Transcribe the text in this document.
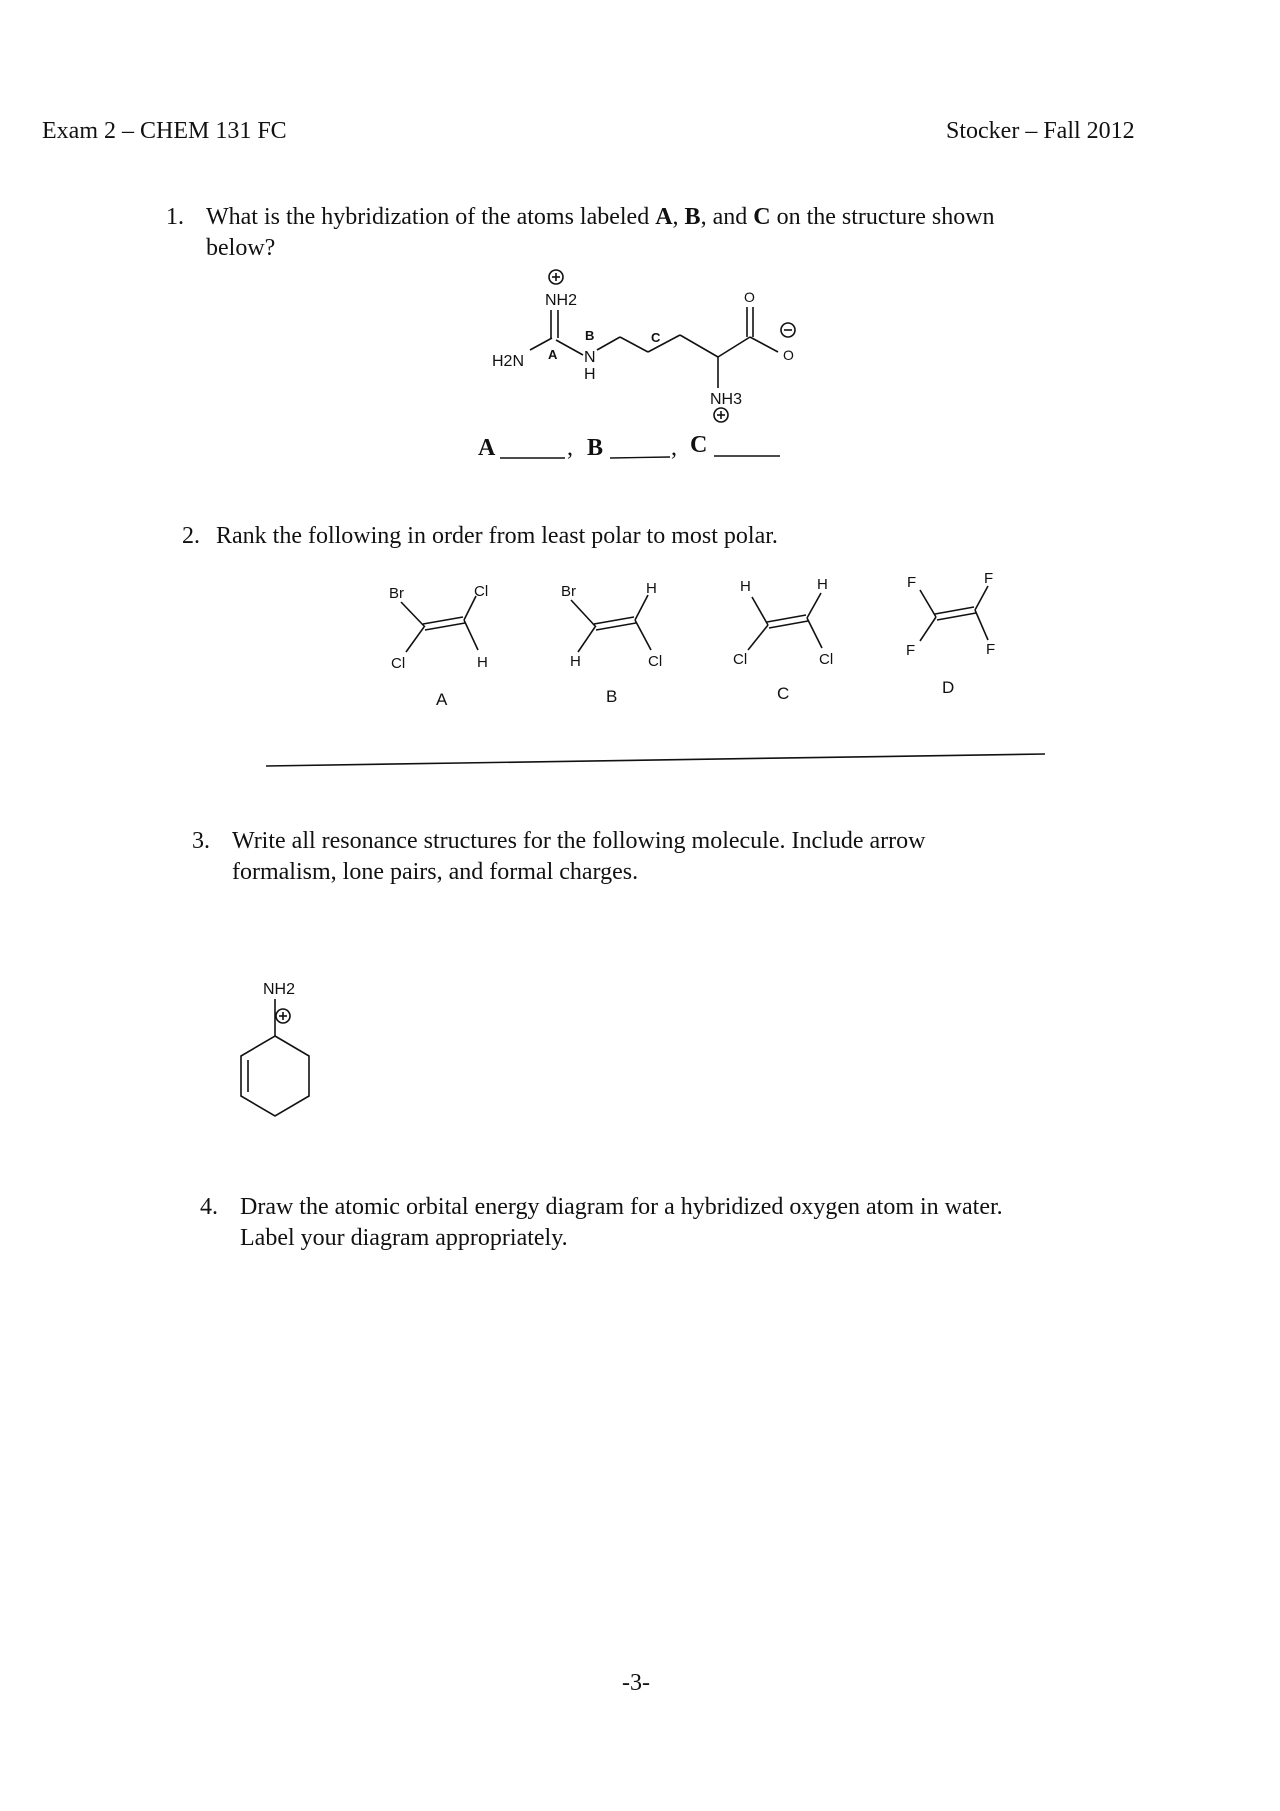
Exam 2 – CHEM 131 FC	Stocker – Fall 2012
1. What is the hybridization of the atoms labeled A, B, and C on the structure shown
below?
NH2
H2N A
B	C
N
H
O
O
NH3
A	, B	, C
2. Rank the following in order from least polar to most polar.
Br	Cl
Cl	H
A
Br	H
H	Cl
B
H	H
Cl	Cl
C
F	F
F	F
D
3. Write all resonance structures for the following molecule. Include arrow
formalism, lone pairs, and formal charges.
NH2
4. Draw the atomic orbital energy diagram for a hybridized oxygen atom in water.
Label your diagram appropriately.
-3-
